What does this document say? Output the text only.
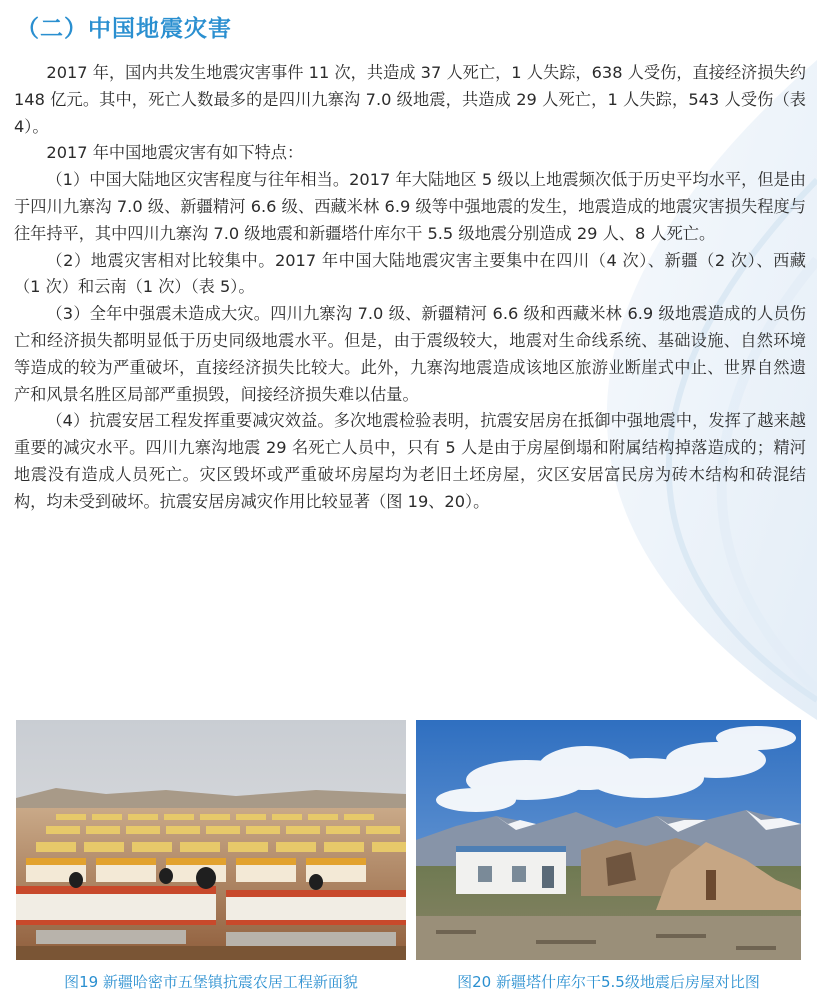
（二）中国地震灾害

2017 年，国内共发生地震灾害事件 11 次，共造成 37 人死亡，1 人失踪，638 人受伤，直接经济损失约 148 亿元。其中，死亡人数最多的是四川九寨沟 7.0 级地震，共造成 29 人死亡，1 人失踪，543 人受伤（表 4）。

2017 年中国地震灾害有如下特点：

（1）中国大陆地区灾害程度与往年相当。2017 年大陆地区 5 级以上地震频次低于历史平均水平，但是由于四川九寨沟 7.0 级、新疆精河 6.6 级、西藏米林 6.9 级等中强地震的发生，地震造成的地震灾害损失程度与往年持平，其中四川九寨沟 7.0 级地震和新疆塔什库尔干 5.5 级地震分别造成 29 人、8 人死亡。

（2）地震灾害相对比较集中。2017 年中国大陆地震灾害主要集中在四川（4 次）、新疆（2 次）、西藏（1 次）和云南（1 次）（表 5）。

（3）全年中强震未造成大灾。四川九寨沟 7.0 级、新疆精河 6.6 级和西藏米林 6.9 级地震造成的人员伤亡和经济损失都明显低于历史同级地震水平。但是，由于震级较大，地震对生命线系统、基础设施、自然环境等造成的较为严重破坏，直接经济损失比较大。此外，九寨沟地震造成该地区旅游业断崖式中止、世界自然遗产和风景名胜区局部严重损毁，间接经济损失难以估量。

（4）抗震安居工程发挥重要减灾效益。多次地震检验表明，抗震安居房在抵御中强地震中，发挥了越来越重要的减灾水平。四川九寨沟地震 29 名死亡人员中，只有 5 人是由于房屋倒塌和附属结构掉落造成的；精河地震没有造成人员死亡。灾区毁坏或严重破坏房屋均为老旧土坯房屋，灾区安居富民房为砖木结构和砖混结构，均未受到破坏。抗震安居房减灾作用比较显著（图 19、20）。

图19 新疆哈密市五堡镇抗震农居工程新面貌	图20 新疆塔什库尔干5.5级地震后房屋对比图
